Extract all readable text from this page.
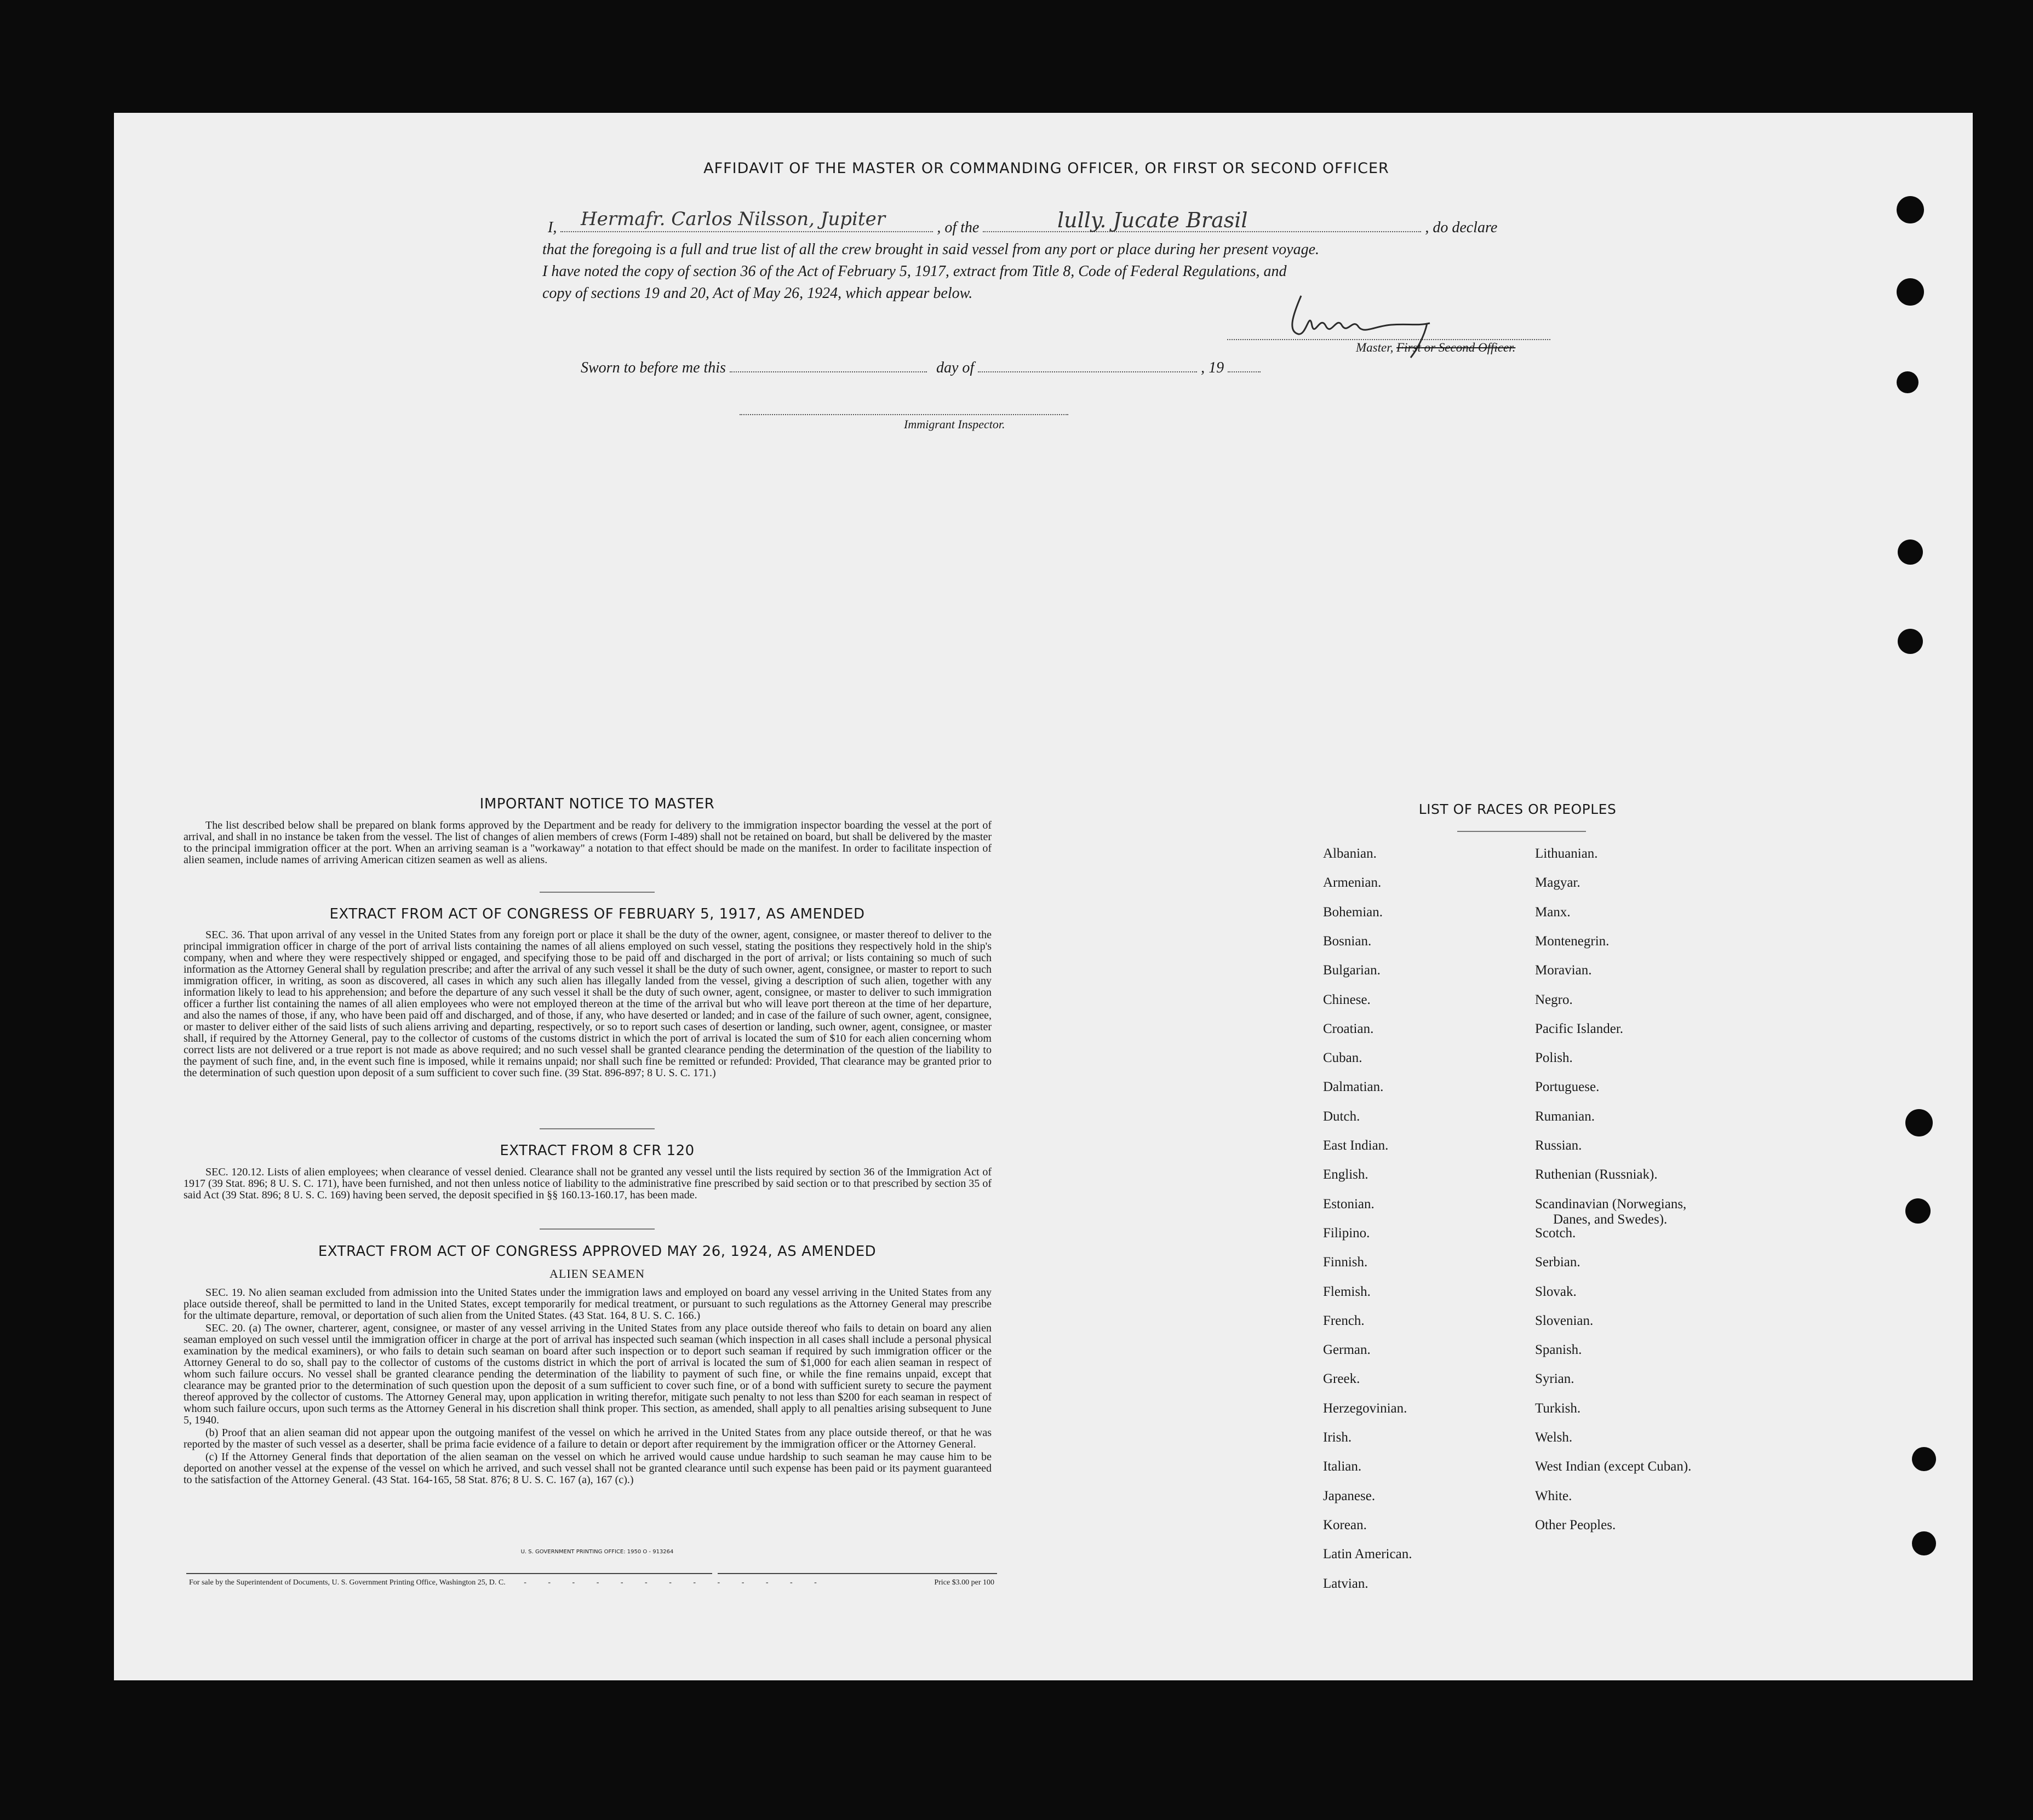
AFFIDAVIT OF THE MASTER OR COMMANDING OFFICER, OR FIRST OR SECOND OFFICER
I,	, of the	, do declare
Hermafr. Carlos Nilsson, Jupiter	lully. Jucate Brasil
that the foregoing is a full and true list of all the crew brought in said vessel from any port or place during her present voyage.
I have noted the copy of section 36 of the Act of February 5, 1917, extract from Title 8, Code of Federal Regulations, and
copy of sections 19 and 20, Act of May 26, 1924, which appear below.
Master, First or Second Officer.
Sworn to before me this	day of	, 19
Immigrant Inspector.
IMPORTANT NOTICE TO MASTER

The list described below shall be prepared on blank forms approved by the Department and be ready for delivery to the immigration inspector boarding the vessel at the port of arrival, and shall in no instance be taken from the vessel. The list of changes of alien members of crews (Form I-489) shall not be retained on board, but shall be delivered by the master to the principal immigration officer at the port. When an arriving seaman is a "workaway" a notation to that effect should be made on the manifest. In order to facilitate inspection of alien seamen, include names of arriving American citizen seamen as well as aliens.

EXTRACT FROM ACT OF CONGRESS OF FEBRUARY 5, 1917, AS AMENDED

SEC. 36. That upon arrival of any vessel in the United States from any foreign port or place it shall be the duty of the owner, agent, consignee, or master thereof to deliver to the principal immigration officer in charge of the port of arrival lists containing the names of all aliens employed on such vessel, stating the positions they respectively hold in the ship's company, when and where they were respectively shipped or engaged, and specifying those to be paid off and discharged in the port of arrival; or lists containing so much of such information as the Attorney General shall by regulation prescribe; and after the arrival of any such vessel it shall be the duty of such owner, agent, consignee, or master to report to such immigration officer, in writing, as soon as discovered, all cases in which any such alien has illegally landed from the vessel, giving a description of such alien, together with any information likely to lead to his apprehension; and before the departure of any such vessel it shall be the duty of such owner, agent, consignee, or master to deliver to such immigration officer a further list containing the names of all alien employees who were not employed thereon at the time of the arrival but who will leave port thereon at the time of her departure, and also the names of those, if any, who have been paid off and discharged, and of those, if any, who have deserted or landed; and in case of the failure of such owner, agent, consignee, or master to deliver either of the said lists of such aliens arriving and departing, respectively, or so to report such cases of desertion or landing, such owner, agent, consignee, or master shall, if required by the Attorney General, pay to the collector of customs of the customs district in which the port of arrival is located the sum of $10 for each alien concerning whom correct lists are not delivered or a true report is not made as above required; and no such vessel shall be granted clearance pending the determination of the question of the liability to the payment of such fine, and, in the event such fine is imposed, while it remains unpaid; nor shall such fine be remitted or refunded: Provided, That clearance may be granted prior to the determination of such question upon deposit of a sum sufficient to cover such fine. (39 Stat. 896-897; 8 U. S. C. 171.)

EXTRACT FROM 8 CFR 120

SEC. 120.12. Lists of alien employees; when clearance of vessel denied. Clearance shall not be granted any vessel until the lists required by section 36 of the Immigration Act of 1917 (39 Stat. 896; 8 U. S. C. 171), have been furnished, and not then unless notice of liability to the administrative fine prescribed by said section or to that prescribed by section 35 of said Act (39 Stat. 896; 8 U. S. C. 169) having been served, the deposit specified in §§ 160.13-160.17, has been made.

EXTRACT FROM ACT OF CONGRESS APPROVED MAY 26, 1924, AS AMENDED
ALIEN SEAMEN

SEC. 19. No alien seaman excluded from admission into the United States under the immigration laws and employed on board any vessel arriving in the United States from any place outside thereof, shall be permitted to land in the United States, except temporarily for medical treatment, or pursuant to such regulations as the Attorney General may prescribe for the ultimate departure, removal, or deportation of such alien from the United States. (43 Stat. 164, 8 U. S. C. 166.)

SEC. 20. (a) The owner, charterer, agent, consignee, or master of any vessel arriving in the United States from any place outside thereof who fails to detain on board any alien seaman employed on such vessel until the immigration officer in charge at the port of arrival has inspected such seaman (which inspection in all cases shall include a personal physical examination by the medical examiners), or who fails to detain such seaman on board after such inspection or to deport such seaman if required by such immigration officer or the Attorney General to do so, shall pay to the collector of customs of the customs district in which the port of arrival is located the sum of $1,000 for each alien seaman in respect of whom such failure occurs. No vessel shall be granted clearance pending the determination of the liability to payment of such fine, or while the fine remains unpaid, except that clearance may be granted prior to the determination of such question upon the deposit of a sum sufficient to cover such fine, or of a bond with sufficient surety to secure the payment thereof approved by the collector of customs. The Attorney General may, upon application in writing therefor, mitigate such penalty to not less than $200 for each seaman in respect of whom such failure occurs, upon such terms as the Attorney General in his discretion shall think proper. This section, as amended, shall apply to all penalties arising subsequent to June 5, 1940.

(b) Proof that an alien seaman did not appear upon the outgoing manifest of the vessel on which he arrived in the United States from any place outside thereof, or that he was reported by the master of such vessel as a deserter, shall be prima facie evidence of a failure to detain or deport after requirement by the immigration officer or the Attorney General.

(c) If the Attorney General finds that deportation of the alien seaman on the vessel on which he arrived would cause undue hardship to such seaman he may cause him to be deported on another vessel at the expense of the vessel on which he arrived, and such vessel shall not be granted clearance until such expense has been paid or its payment guaranteed to the satisfaction of the Attorney General. (43 Stat. 164-165, 58 Stat. 876; 8 U. S. C. 167 (a), 167 (c).)

U. S. GOVERNMENT PRINTING OFFICE: 1950 O - 913264
For sale by the Superintendent of Documents, U. S. Government Printing Office, Washington 25, D. C. - - - - - - - - - - - - -	Price $3.00 per 100
LIST OF RACES OR PEOPLES
Albanian.
Armenian.
Bohemian.
Bosnian.
Bulgarian.
Chinese.
Croatian.
Cuban.
Dalmatian.
Dutch.
East Indian.
English.
Estonian.
Filipino.
Finnish.
Flemish.
French.
German.
Greek.
Herzegovinian.
Irish.
Italian.
Japanese.
Korean.
Latin American.
Latvian.
Lithuanian.
Magyar.
Manx.
Montenegrin.
Moravian.
Negro.
Pacific Islander.
Polish.
Portuguese.
Rumanian.
Russian.
Ruthenian (Russniak).
Scandinavian (Norwegians,
Danes, and Swedes).
Scotch.
Serbian.
Slovak.
Slovenian.
Spanish.
Syrian.
Turkish.
Welsh.
West Indian (except Cuban).
White.
Other Peoples.
